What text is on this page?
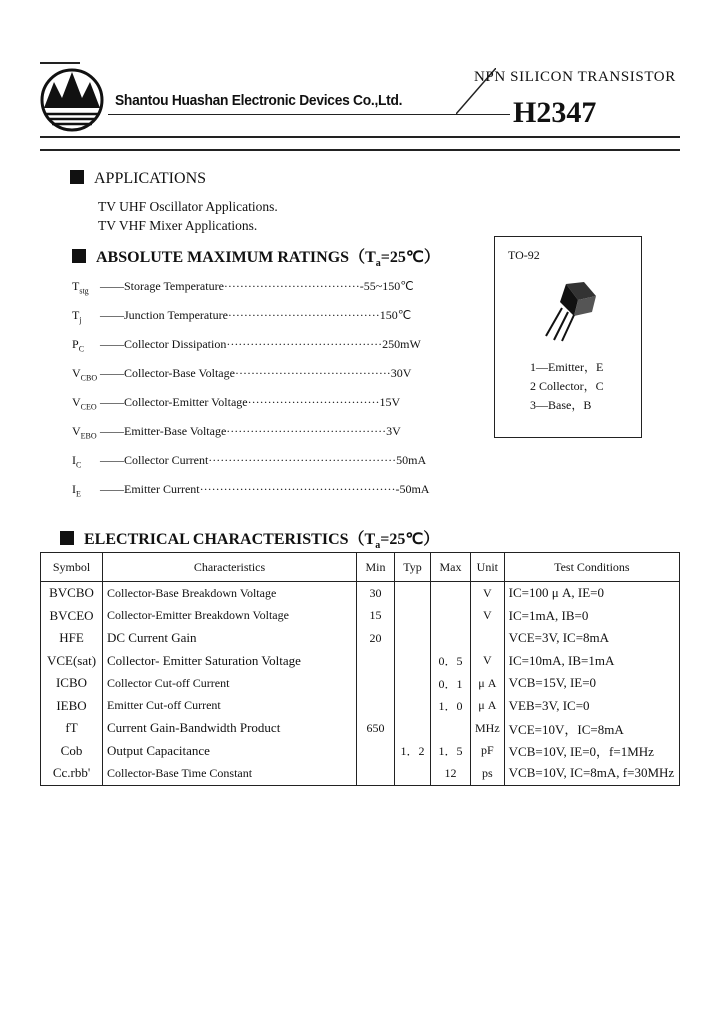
Shantou Huashan Electronic Devices Co.,Ltd.
NPN SILICON TRANSISTOR
H2347
APPLICATIONS
TV UHF Oscillator Applications.
TV VHF Mixer Applications.
ABSOLUTE MAXIMUM $RATINGS(T_a=25℃)$
$T_{stg}$ ——Storage Temperature··································-55~150℃
$T_j$ ——Junction Temperature······································150℃
$P_C$ ——Collector Dissipation·······································250mW
$V_{CBO}$ ——Collector-Base Voltage·······································30V
$V_{CEO}$ ——Collector-Emitter Voltage·································15V
$V_{EBO}$ ——Emitter-Base Voltage········································3V
$I_C$ ——Collector Current···············································50mA
$I_E$ ——Emitter Current·················································-50mA
TO-92
1—Emitter，E
2 Collector，C
3—Base，B
ELECTRICAL $CHARACTERISTICS(T_a=25℃)$
Symbol	Characteristics	Min	Typ	Max	Unit	Test Conditions
BVCBO	Collector-Base Breakdown Voltage	30			V	IC=100 μ A, IE=0
BVCEO	Collector-Emitter Breakdown Voltage	15			V	IC=1mA, IB=0
HFE	DC Current Gain	20				VCE=3V, IC=8mA
VCE(sat)	Collector- Emitter Saturation Voltage			0．5	V	IC=10mA, IB=1mA
ICBO	Collector Cut-off Current			0．1	μ A	VCB=15V, IE=0
IEBO	Emitter Cut-off Current			1．0	μ A	VEB=3V, IC=0
fT	Current Gain-Bandwidth Product	650			MHz	VCE=10V，IC=8mA
Cob	Output Capacitance		1．2	1．5	pF	VCB=10V, IE=0，f=1MHz
Cc.rbb'	Collector-Base Time Constant			12	ps	VCB=10V, IC=8mA, f=30MHz
